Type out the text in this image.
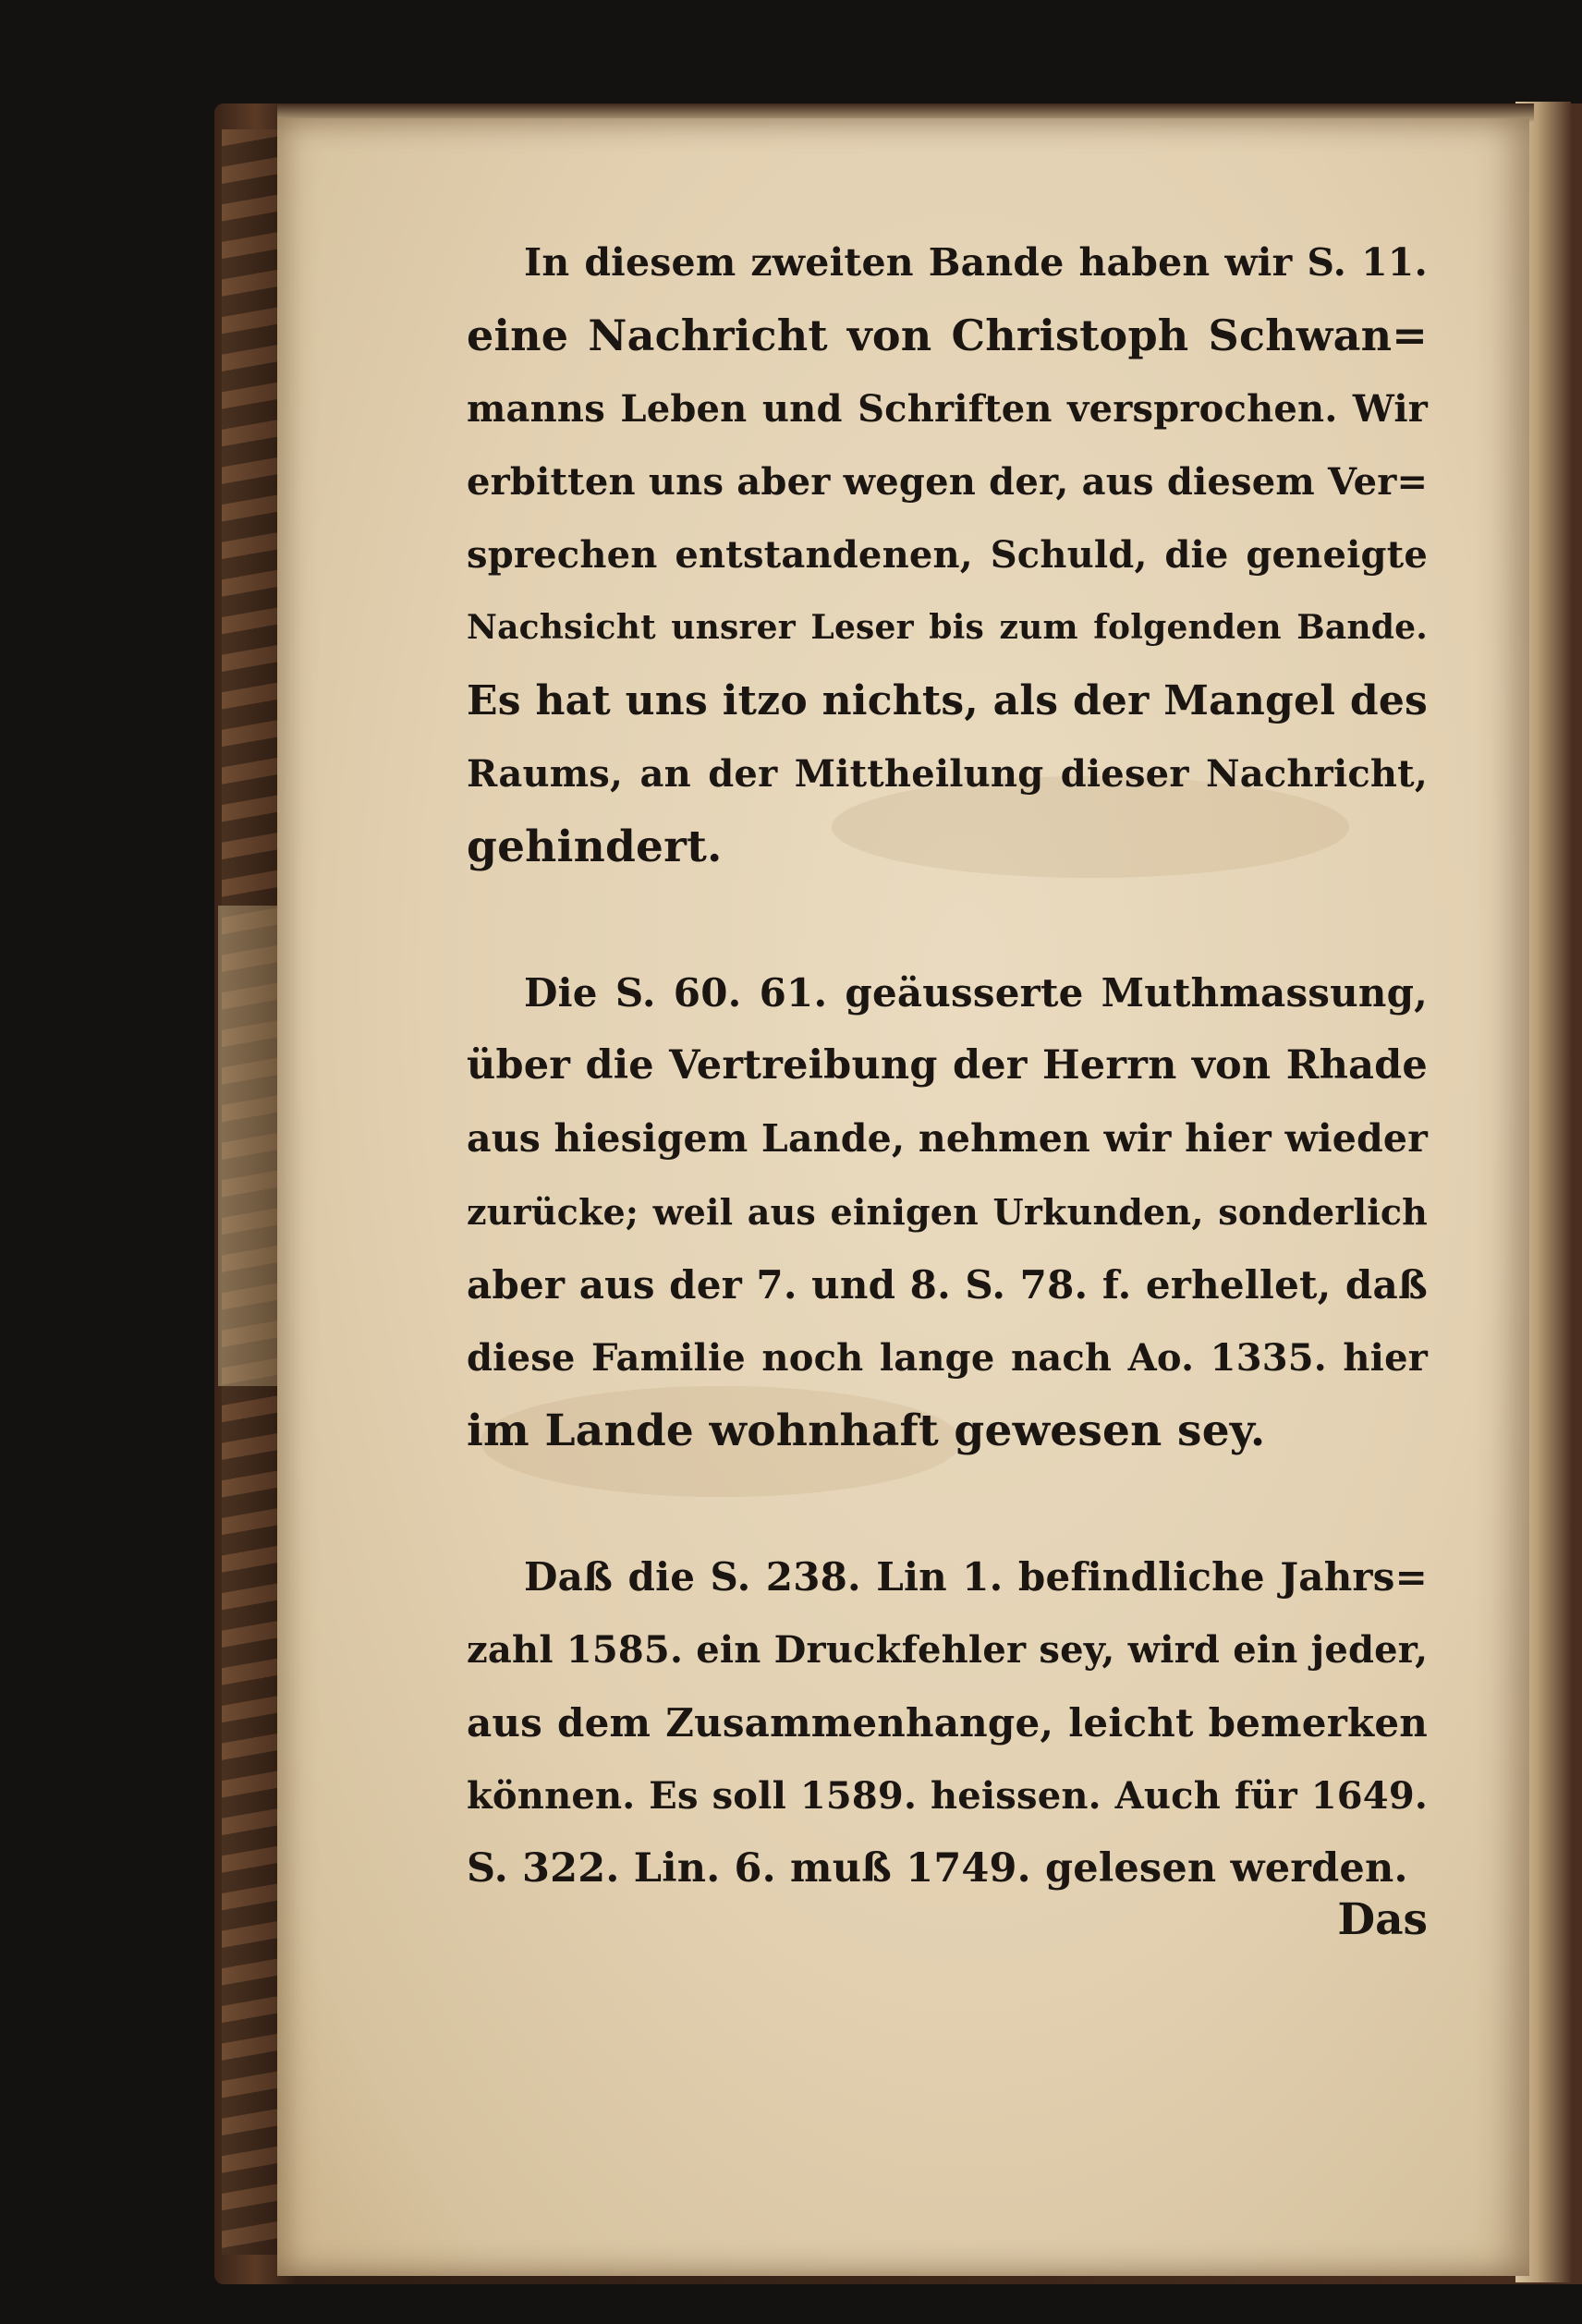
In diesem zweiten Bande haben wir S. 11.
eine Nachricht von Christoph Schwan=
manns Leben und Schriften versprochen. Wir
erbitten uns aber wegen der, aus diesem Ver=
sprechen entstandenen, Schuld, die geneigte
Nachsicht unsrer Leser bis zum folgenden Bande.
Es hat uns itzo nichts, als der Mangel des
Raums, an der Mittheilung dieser Nachricht,
gehindert.
Die S. 60. 61. geäusserte Muthmassung,
über die Vertreibung der Herrn von Rhade
aus hiesigem Lande, nehmen wir hier wieder
zurücke; weil aus einigen Urkunden, sonderlich
aber aus der 7. und 8. S. 78. f. erhellet, daß
diese Familie noch lange nach Ao. 1335. hier
im Lande wohnhaft gewesen sey.
Daß die S. 238. Lin 1. befindliche Jahrs=
zahl 1585. ein Druckfehler sey, wird ein jeder,
aus dem Zusammenhange, leicht bemerken
können. Es soll 1589. heissen. Auch für 1649.
S. 322. Lin. 6. muß 1749. gelesen werden.
Das
